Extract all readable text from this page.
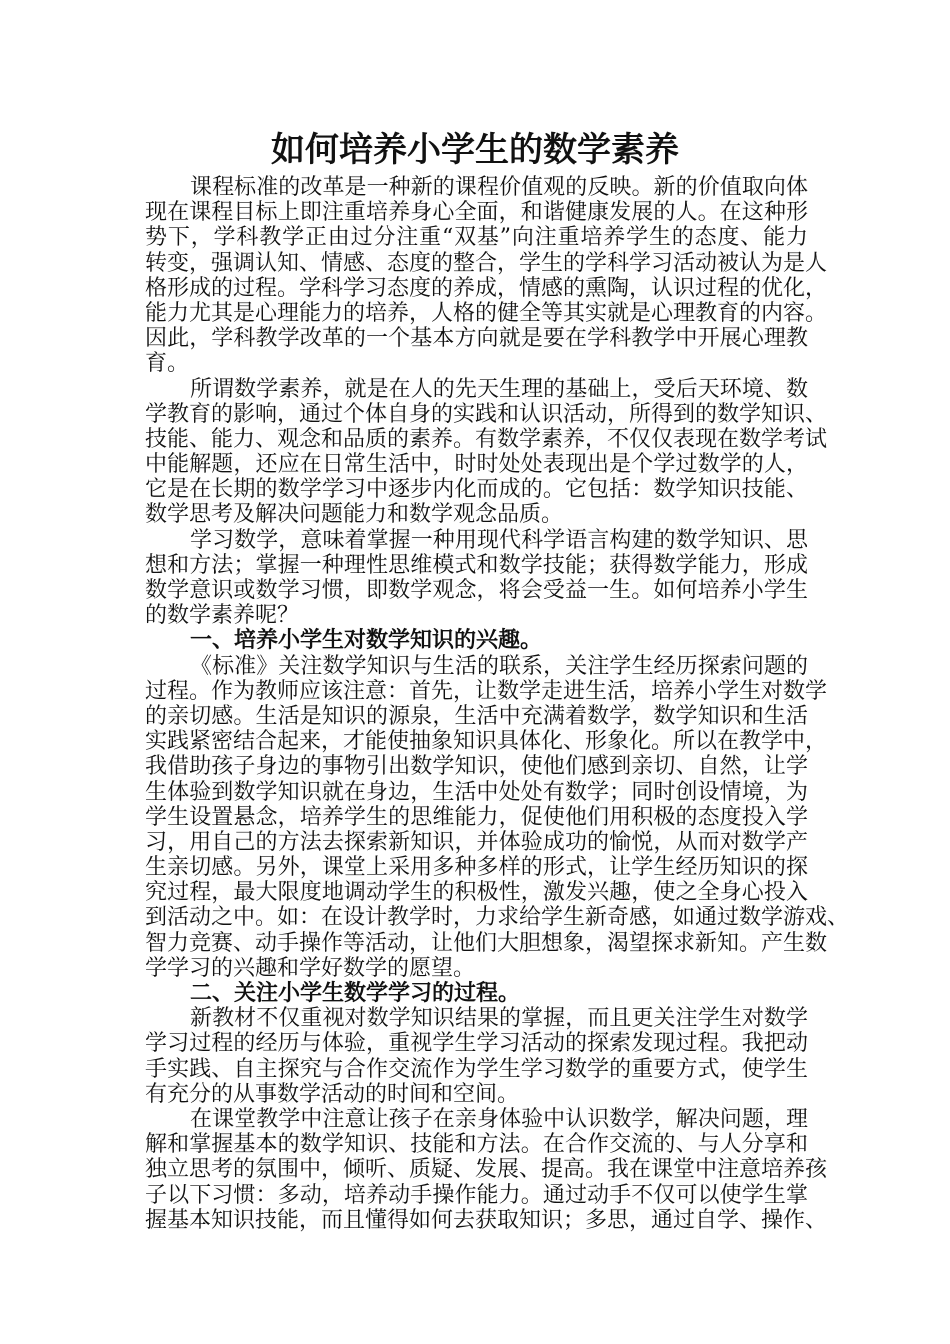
如何培养小学生的数学素养
课程标准的改革是一种新的课程价值观的反映。新的价值取向体
现在课程目标上即注重培养身心全面，和谐健康发展的人。在这种形
势下，学科教学正由过分注重“双基”向注重培养学生的态度、能力
转变，强调认知、情感、态度的整合，学生的学科学习活动被认为是人
格形成的过程。学科学习态度的养成，情感的熏陶，认识过程的优化，
能力尤其是心理能力的培养，人格的健全等其实就是心理教育的内容。
因此，学科教学改革的一个基本方向就是要在学科教学中开展心理教
育。
所谓数学素养，就是在人的先天生理的基础上，受后天环境、数
学教育的影响，通过个体自身的实践和认识活动，所得到的数学知识、
技能、能力、观念和品质的素养。有数学素养，不仅仅表现在数学考试
中能解题，还应在日常生活中，时时处处表现出是个学过数学的人，
它是在长期的数学学习中逐步内化而成的。它包括：数学知识技能、
数学思考及解决问题能力和数学观念品质。
学习数学，意味着掌握一种用现代科学语言构建的数学知识、思
想和方法；掌握一种理性思维模式和数学技能；获得数学能力，形成
数学意识或数学习惯，即数学观念，将会受益一生。如何培养小学生
的数学素养呢？
一、培养小学生对数学知识的兴趣。
《标准》关注数学知识与生活的联系，关注学生经历探索问题的
过程。作为教师应该注意：首先，让数学走进生活，培养小学生对数学
的亲切感。生活是知识的源泉，生活中充满着数学，数学知识和生活
实践紧密结合起来，才能使抽象知识具体化、形象化。所以在教学中，
我借助孩子身边的事物引出数学知识，使他们感到亲切、自然，让学
生体验到数学知识就在身边，生活中处处有数学；同时创设情境，为
学生设置悬念，培养学生的思维能力，促使他们用积极的态度投入学
习，用自己的方法去探索新知识，并体验成功的愉悦，从而对数学产
生亲切感。另外，课堂上采用多种多样的形式，让学生经历知识的探
究过程，最大限度地调动学生的积极性，激发兴趣，使之全身心投入
到活动之中。如：在设计教学时，力求给学生新奇感，如通过数学游戏、
智力竞赛、动手操作等活动，让他们大胆想象，渴望探求新知。产生数
学学习的兴趣和学好数学的愿望。
二、关注小学生数学学习的过程。
新教材不仅重视对数学知识结果的掌握，而且更关注学生对数学
学习过程的经历与体验，重视学生学习活动的探索发现过程。我把动
手实践、自主探究与合作交流作为学生学习数学的重要方式，使学生
有充分的从事数学活动的时间和空间。
在课堂教学中注意让孩子在亲身体验中认识数学，解决问题，理
解和掌握基本的数学知识、技能和方法。在合作交流的、与人分享和
独立思考的氛围中，倾听、质疑、发展、提高。我在课堂中注意培养孩
子以下习惯：多动，培养动手操作能力。通过动手不仅可以使学生掌
握基本知识技能，而且懂得如何去获取知识；多思，通过自学、操作、
